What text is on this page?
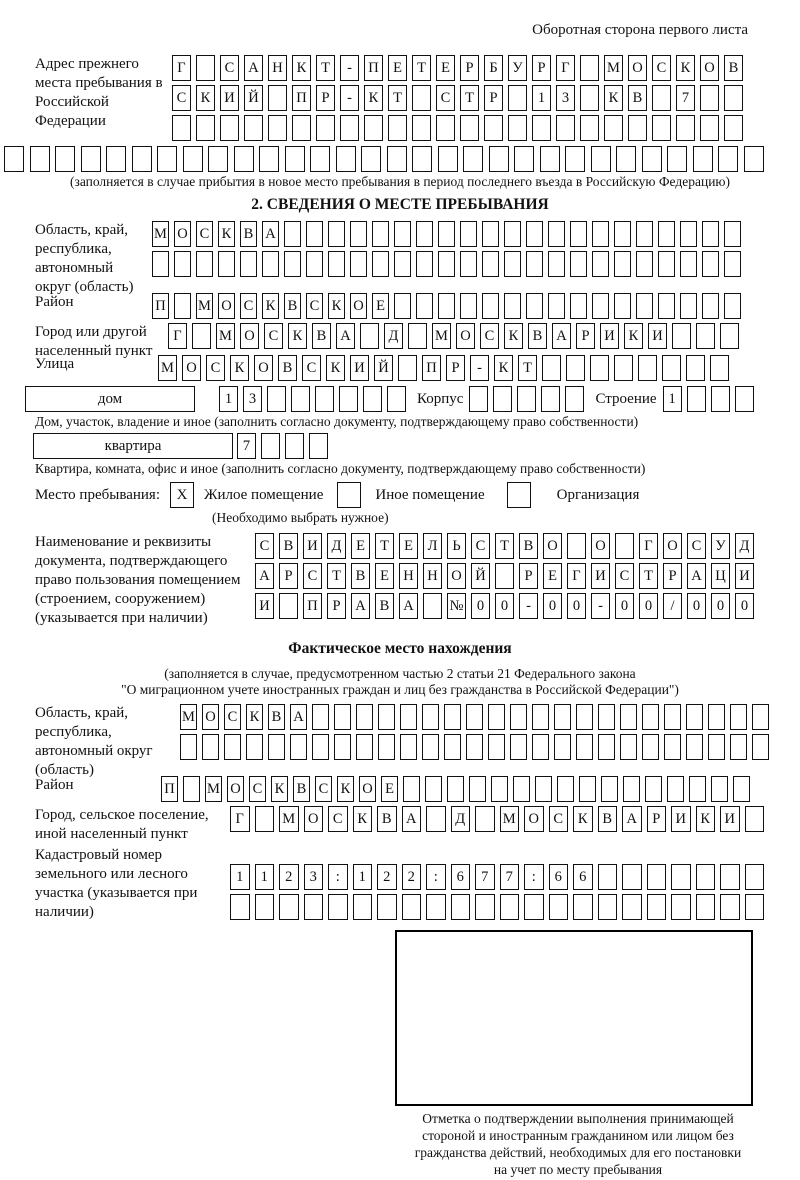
Оборотная сторона первого листа
Адрес прежнего места пребывания в Российской Федерации
Г	С А Н К	Т	-	П Е	Т	Е	Р	Б	У	Р	Г	М О С К О В
С К И Й	П	Р	-	К	Т	С	Т	Р	1	3	К В	7
(заполняется в случае прибытия в новое место пребывания в период последнего въезда в Российскую Федерацию)
2. СВЕДЕНИЯ О МЕСТЕ ПРЕБЫВАНИЯ
Область, край, республика, автономный округ (область)
М О С К В А
Район	П М О С К В С К О Е
Город или другой населенный пункт
Г	М О С К В А	Д	М О С К В А	Р	И К И
Улица	М О С К О В С К И Й	П	Р	-	К	Т
дом	1	3	Корпус	Строение 1
Дом, участок, владение и иное (заполнить согласно документу, подтверждающему право собственности)
квартира	7
Квартира, комната, офис и иное (заполнить согласно документу, подтверждающему право собственности)
Место пребывания:	X	Жилое помещение	Иное помещение	Организация
(Необходимо выбрать нужное)
Наименование и реквизиты документа, подтверждающего право пользования помещением (строением, сооружением) (указывается при наличии)
С В И Д	Е	Т	Е	Л	Ь	С	Т	В О	О	Г	О С У Д
А	Р	С	Т	В	Е Н Н О Й	Р	Е	Г	И С	Т	Р	А Ц И
И	П	Р	А В А № 0	0	-	0	0	-	0	0	/	0	0	0
Фактическое место нахождения
(заполняется в случае, предусмотренном частью 2 статьи 21 Федерального закона
"О миграционном учете иностранных граждан и лиц без гражданства в Российской Федерации")
Область, край, республика, автономный округ (область)
М О С К В А
Район	П М О С К В С К О Е
Город, сельское поселение, иной населенный пункт
Г	М О С	К	В А	Д	М О С	К	В А	Р	И К И
Кадастровый номер земельного или лесного участка (указывается при наличии)
1	1	2	3	:	1	2	2	:	6	7	7	:	6	6
Отметка о подтверждении выполнения принимающей
стороной и иностранным гражданином или лицом без
гражданства действий, необходимых для его постановки
на учет по месту пребывания
